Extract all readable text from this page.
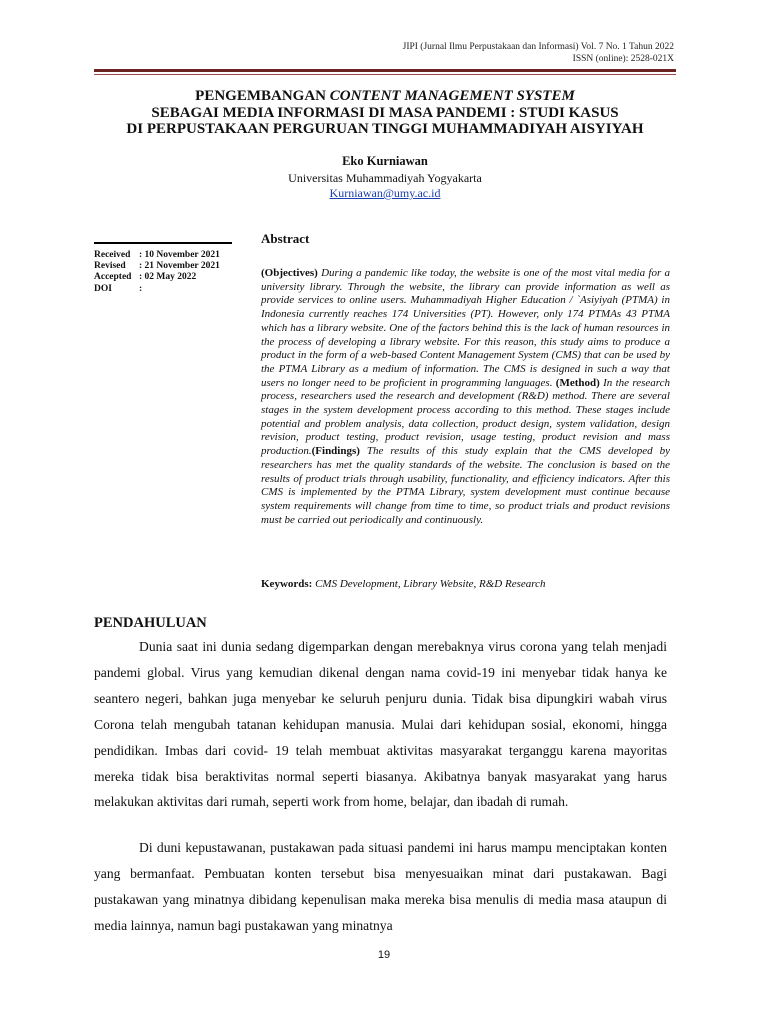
JIPI (Jurnal Ilmu Perpustakaan dan Informasi) Vol. 7 No. 1 Tahun 2022
ISSN (online): 2528-021X
PENGEMBANGAN CONTENT MANAGEMENT SYSTEM
SEBAGAI MEDIA INFORMASI DI MASA PANDEMI : STUDI KASUS
DI PERPUSTAKAAN PERGURUAN TINGGI MUHAMMADIYAH AISYIYAH
Eko Kurniawan
Universitas Muhammadiyah Yogyakarta
Kurniawan@umy.ac.id
Abstract
Received : 10 November 2021
Revised	: 21 November 2021
Accepted : 02 May 2022
DOI	:
(Objectives) During a pandemic like today, the website is one of the most vital media for a university library. Through the website, the library can provide information as well as provide services to online users. Muhammadiyah Higher Education / `Asiyiyah (PTMA) in Indonesia currently reaches 174 Universities (PT). However, only 174 PTMAs 43 PTMA which has a library website. One of the factors behind this is the lack of human resources in the process of developing a library website. For this reason, this study aims to produce a product in the form of a web-based Content Management System (CMS) that can be used by the PTMA Library as a medium of information. The CMS is designed in such a way that users no longer need to be proficient in programming languages. (Method) In the research process, researchers used the research and development (R&D) method. There are several stages in the system development process according to this method. These stages include potential and problem analysis, data collection, product design, system validation, design revision, product testing, product revision, usage testing, product revision and mass production.(Findings) The results of this study explain that the CMS developed by researchers has met the quality standards of the website. The conclusion is based on the results of product trials through usability, functionality, and efficiency indicators. After this CMS is implemented by the PTMA Library, system development must continue because system requirements will change from time to time, so product trials and product revisions must be carried out periodically and continuously.
Keywords: CMS Development, Library Website, R&D Research
PENDAHULUAN
Dunia saat ini dunia sedang digemparkan dengan merebaknya virus corona yang telah menjadi pandemi global. Virus yang kemudian dikenal dengan nama covid-19 ini menyebar tidak hanya ke seantero negeri, bahkan juga menyebar ke seluruh penjuru dunia. Tidak bisa dipungkiri wabah virus Corona telah mengubah tatanan kehidupan manusia. Mulai dari kehidupan sosial, ekonomi, hingga pendidikan. Imbas dari covid- 19 telah membuat aktivitas masyarakat terganggu karena mayoritas mereka tidak bisa beraktivitas normal seperti biasanya. Akibatnya banyak masyarakat yang harus melakukan aktivitas dari rumah, seperti work from home, belajar, dan ibadah di rumah.
Di duni kepustawanan, pustakawan pada situasi pandemi ini harus mampu menciptakan konten yang bermanfaat. Pembuatan konten tersebut bisa menyesuaikan minat dari pustakawan. Bagi pustakawan yang minatnya dibidang kepenulisan maka mereka bisa menulis di media masa ataupun di media lainnya, namun bagi pustakawan yang minatnya
19
